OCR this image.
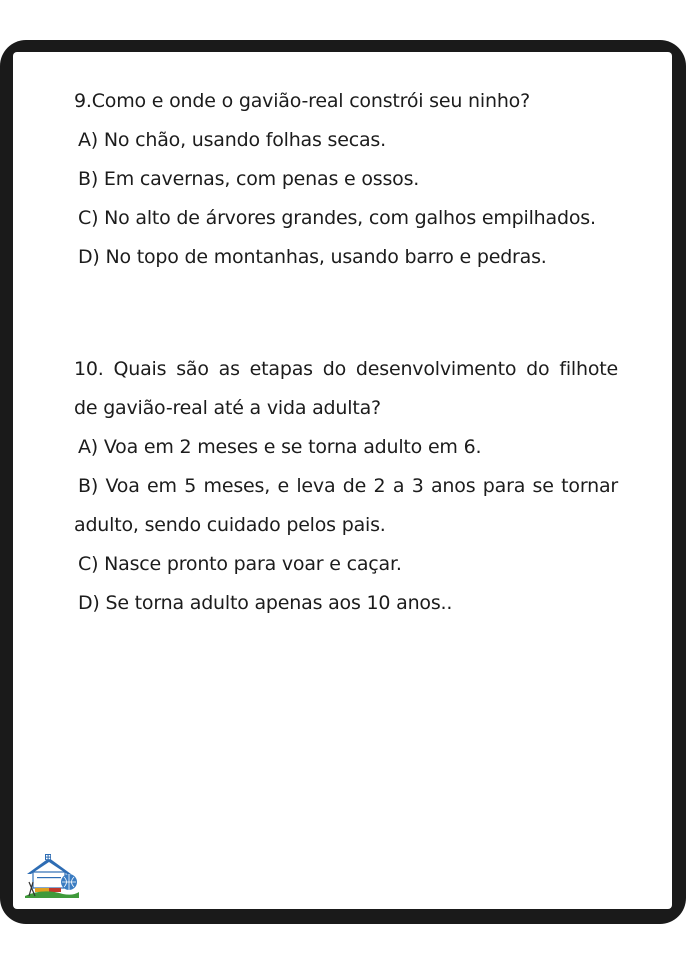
9.Como e onde o gavião-real constrói seu ninho?
A) No chão, usando folhas secas.
B) Em cavernas, com penas e ossos.
C) No alto de árvores grandes, com galhos empilhados.
D) No topo de montanhas, usando barro e pedras.
10. Quais são as etapas do desenvolvimento do filhote
de gavião-real até a vida adulta?
A) Voa em 2 meses e se torna adulto em 6.
B) Voa em 5 meses, e leva de 2 a 3 anos para se tornar
adulto, sendo cuidado pelos pais.
C) Nasce pronto para voar e caçar.
D) Se torna adulto apenas aos 10 anos..
